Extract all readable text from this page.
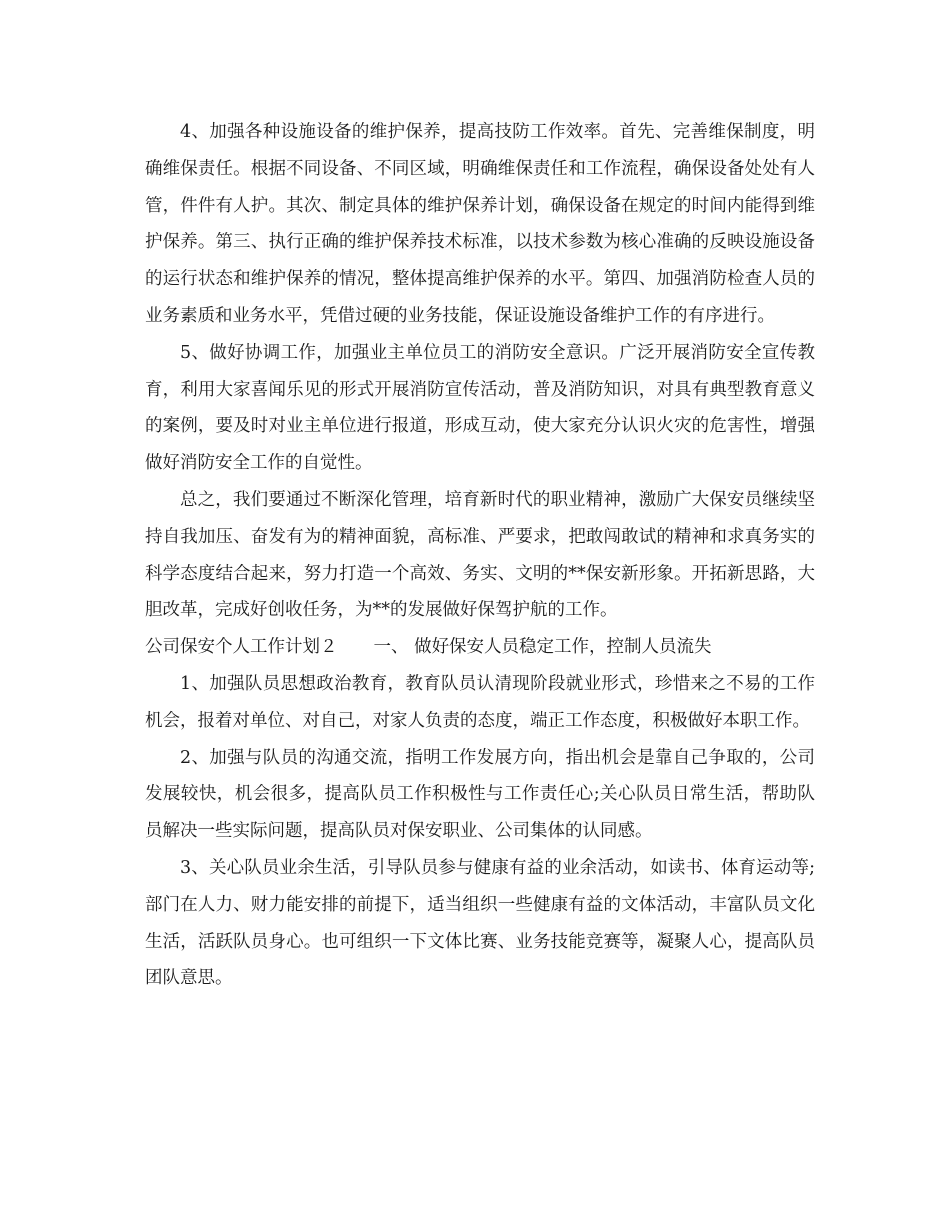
4、加强各种设施设备的维护保养，提高技防工作效率。首先、完善维保制度，明确维保责任。根据不同设备、不同区域，明确维保责任和工作流程，确保设备处处有人管，件件有人护。其次、制定具体的维护保养计划，确保设备在规定的时间内能得到维护保养。第三、执行正确的维护保养技术标准，以技术参数为核心准确的反映设施设备的运行状态和维护保养的情况，整体提高维护保养的水平。第四、加强消防检查人员的业务素质和业务水平，凭借过硬的业务技能，保证设施设备维护工作的有序进行。

5、做好协调工作，加强业主单位员工的消防安全意识。广泛开展消防安全宣传教育，利用大家喜闻乐见的形式开展消防宣传活动，普及消防知识，对具有典型教育意义的案例，要及时对业主单位进行报道，形成互动，使大家充分认识火灾的危害性，增强做好消防安全工作的自觉性。

总之，我们要通过不断深化管理，培育新时代的职业精神，激励广大保安员继续坚持自我加压、奋发有为的精神面貌，高标准、严要求，把敢闯敢试的精神和求真务实的科学态度结合起来，努力打造一个高效、务实、文明的**保安新形象。开拓新思路，大胆改革，完成好创收任务，为**的发展做好保驾护航的工作。

公司保安个人工作计划２ 一、 做好保安人员稳定工作，控制人员流失

1、加强队员思想政治教育，教育队员认清现阶段就业形式，珍惜来之不易的工作机会，报着对单位、对自己，对家人负责的态度，端正工作态度，积极做好本职工作。

2、加强与队员的沟通交流，指明工作发展方向，指出机会是靠自己争取的，公司发展较快，机会很多，提高队员工作积极性与工作责任心;关心队员日常生活，帮助队员解决一些实际问题，提高队员对保安职业、公司集体的认同感。

3、关心队员业余生活，引导队员参与健康有益的业余活动，如读书、体育运动等;部门在人力、财力能安排的前提下，适当组织一些健康有益的文体活动，丰富队员文化生活，活跃队员身心。也可组织一下文体比赛、业务技能竞赛等，凝聚人心，提高队员团队意思。
